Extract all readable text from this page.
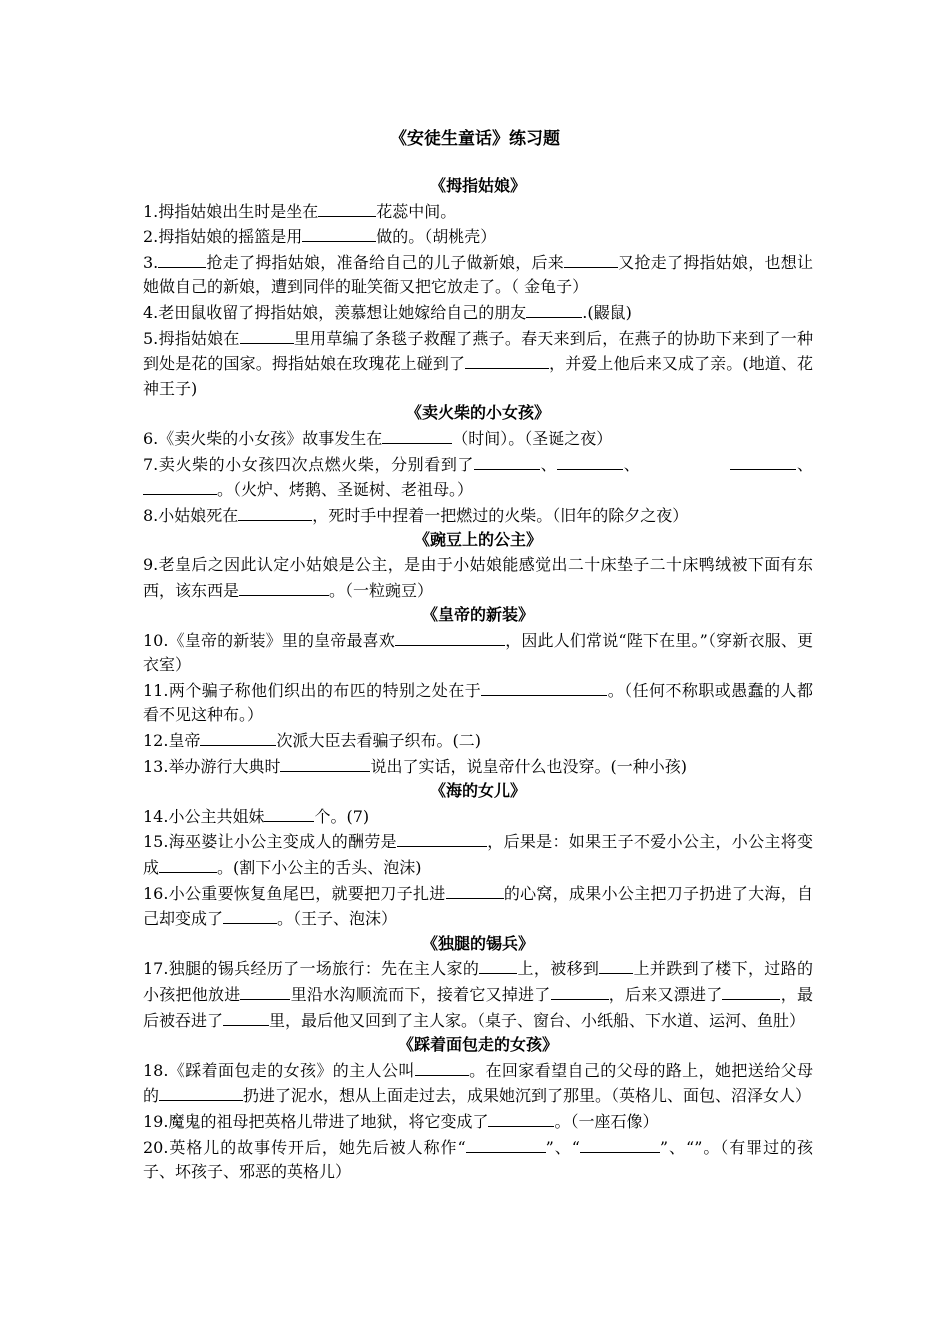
《安徒生童话》练习题
《拇指姑娘》
1.拇指姑娘出生时是坐在	花蕊中间。
2.拇指姑娘的摇篮是用	做的。（胡桃壳）
3.	抢走了拇指姑娘，准备给自己的儿子做新娘，后来	又抢走了拇指姑娘，也想让她做自己的新娘，遭到同伴的耻笑衙又把它放走了。（ 金龟子）
4.老田鼠收留了拇指姑娘，羡慕想让她嫁给自己的朋友	.(鼹鼠)
5.拇指姑娘在	里用草编了条毯子救醒了燕子。春天来到后，在燕子的协助下来到了一种到处是花的国家。拇指姑娘在玫瑰花上碰到了	，并爱上他后来又成了亲。(地道、花神王子)
《卖火柴的小女孩》
6.《卖火柴的小女孩》故事发生在	（时间）。（圣诞之夜）
7.卖火柴的小女孩四次点燃火柴，分别看到了	、	、	、。（火炉、烤鹅、圣诞树、老祖母。）
8.小姑娘死在	，死时手中捏着一把燃过的火柴。（旧年的除夕之夜）
《豌豆上的公主》
9.老皇后之因此认定小姑娘是公主，是由于小姑娘能感觉出二十床垫子二十床鸭绒被下面有东西，该东西是	。（一粒豌豆）
《皇帝的新装》
10.《皇帝的新装》里的皇帝最喜欢	，因此人们常说“陛下在里。”（穿新衣服、更衣室）
11.两个骗子称他们织出的布匹的特别之处在于	。（任何不称职或愚蠢的人都看不见这种布。）
12.皇帝	次派大臣去看骗子织布。(二)
13.举办游行大典时	说出了实话，说皇帝什么也没穿。(一种小孩)
《海的女儿》
14.小公主共姐妹	个。(7)
15.海巫婆让小公主变成人的酬劳是	，后果是：如果王子不爱小公主，小公主将变成	。(割下小公主的舌头、泡沫)
16.小公重要恢复鱼尾巴，就要把刀子扎进	的心窝，成果小公主把刀子扔进了大海，自己却变成了	。（王子、泡沫）
《独腿的锡兵》
17.独腿的锡兵经历了一场旅行：先在主人家的 上，被移到 上并跌到了楼下，过路的小孩把他放进	里沿水沟顺流而下，接着它又掉进了	，后来又漂进了	，最后被吞进了	里，最后他又回到了主人家。（桌子、窗台、小纸船、下水道、运河、鱼肚）
《踩着面包走的女孩》
18.《踩着面包走的女孩》的主人公叫	。在回家看望自己的父母的路上，她把送给父母的	扔进了泥水，想从上面走过去，成果她沉到了那里。（英格儿、面包、沼泽女人）
19.魔鬼的祖母把英格儿带进了地狱，将它变成了	。（一座石像）
20.英格儿的故事传开后，她先后被人称作“	”、“	”、“”。（有罪过的孩子、坏孩子、邪恶的英格儿）
